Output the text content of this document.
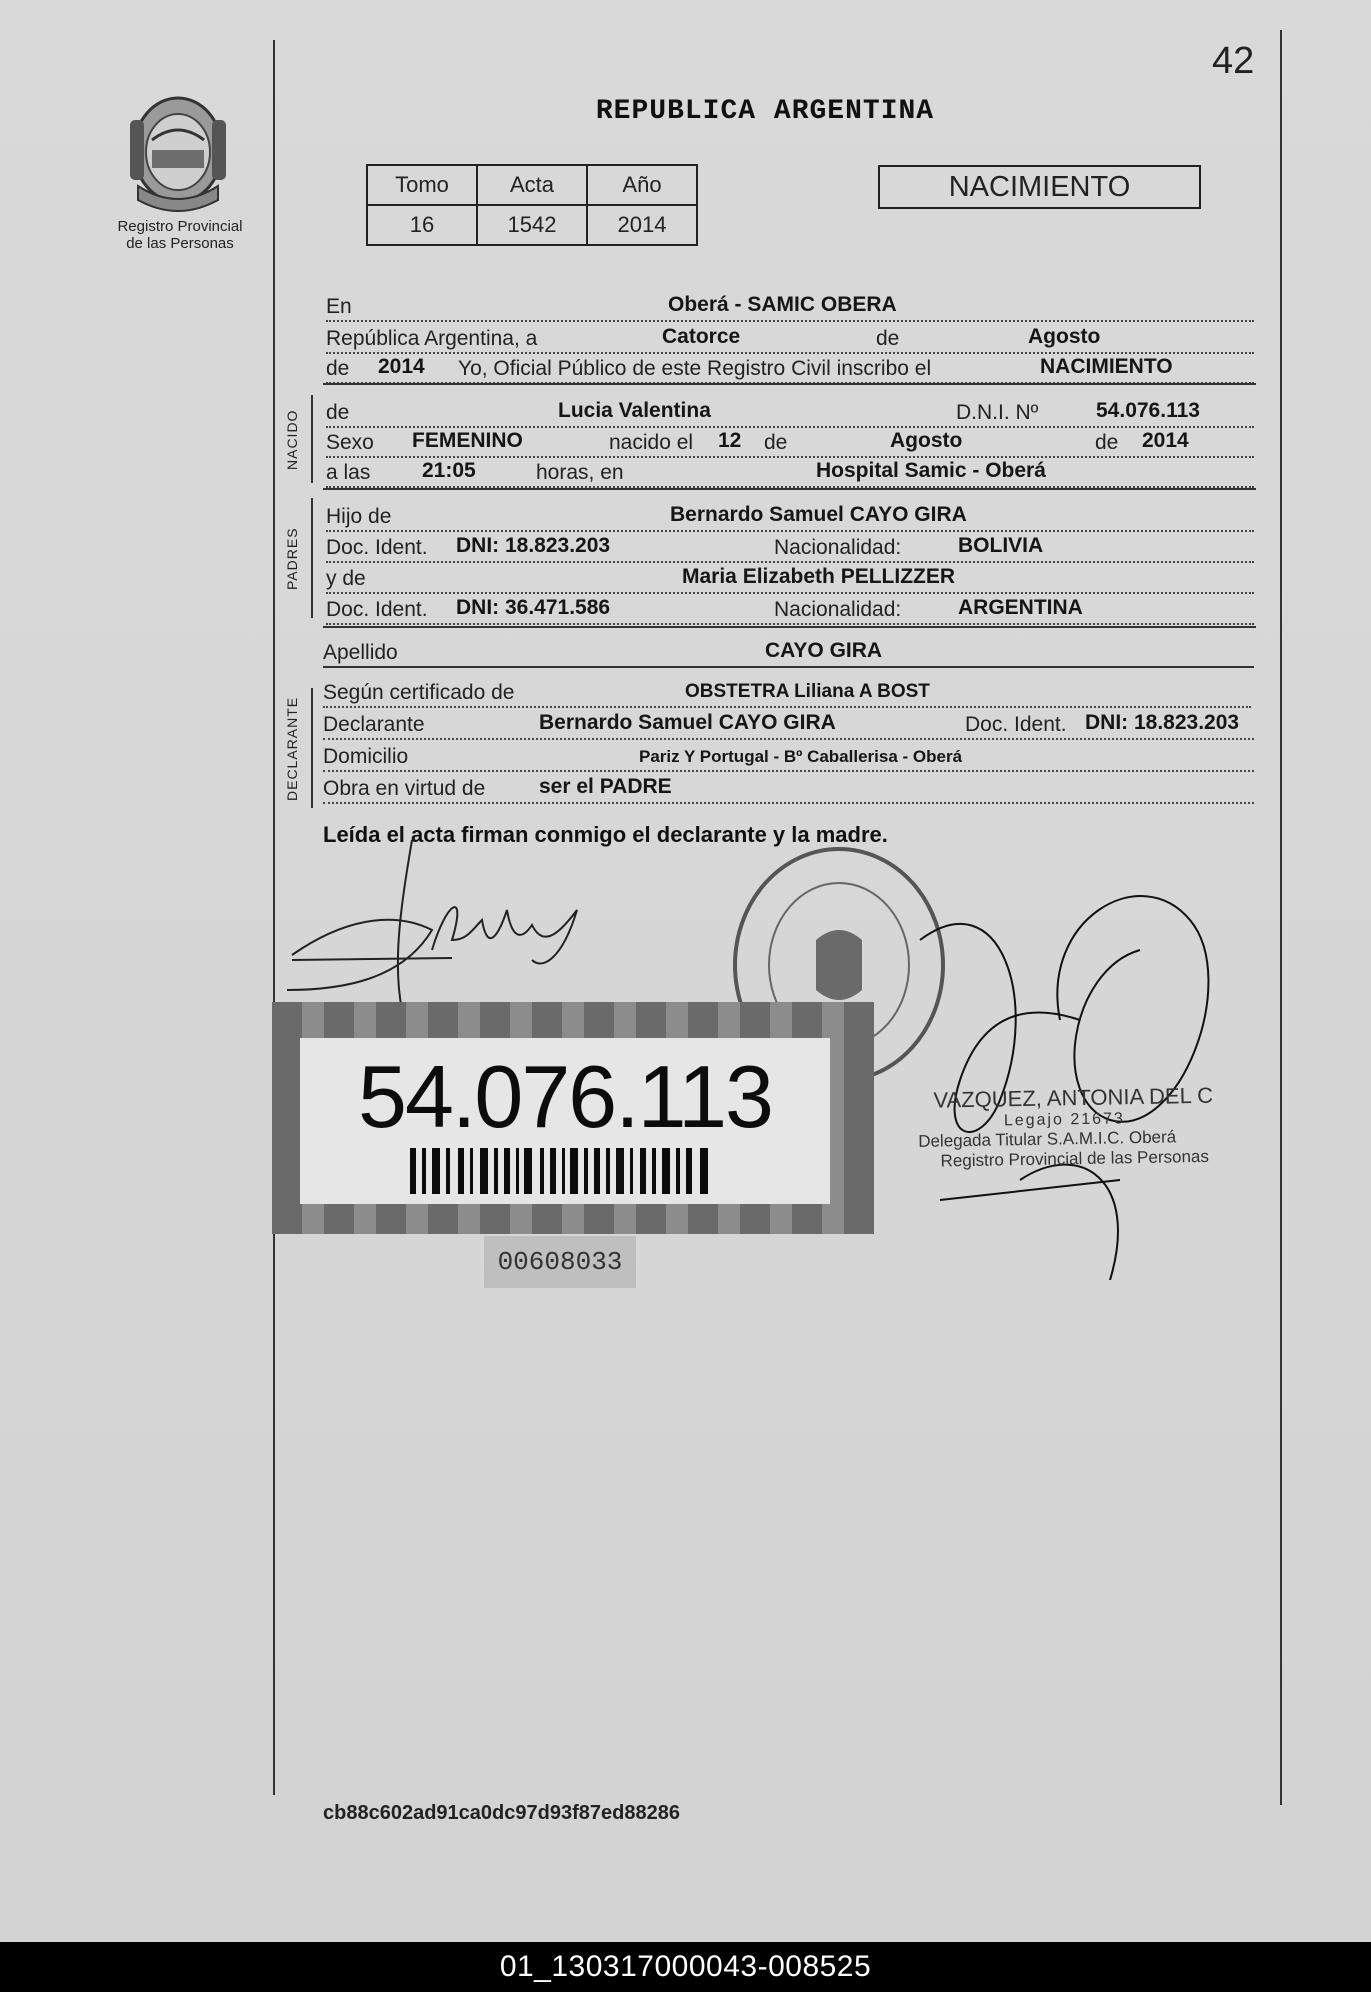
Registro Provincial
de las Personas
42
REPUBLICA ARGENTINA
Tomo	Acta	Año
16	1542	2014
NACIMIENTO
En	Oberá - SAMIC OBERA
República Argentina, a	Catorce	de	Agosto
de 2014 Yo, Oficial Público de este Registro Civil inscribo el	NACIMIENTO
NACIDO	de	Lucia Valentina	D.N.I. Nº	54.076.113
Sexo FEMENINO	nacido el 12 de	Agosto	de 2014
a las 21:05	horas, en	Hospital Samic - Oberá
PADRES
Hijo de	Bernardo Samuel CAYO GIRA
Doc. Ident. DNI: 18.823.203	Nacionalidad:	BOLIVIA
y de	Maria Elizabeth PELLIZZER
Doc. Ident. DNI: 36.471.586	Nacionalidad:	ARGENTINA
Apellido	CAYO GIRA
DECLARANTE
Según certificado de	OBSTETRA Liliana A BOST
Declarante	Bernardo Samuel CAYO GIRA	Doc. Ident. DNI: 18.823.203
Domicilio	Pariz Y Portugal - Bº Caballerisa - Oberá
Obra en virtud de	ser el PADRE
Leída el acta firman conmigo el declarante y la madre.
VAZQUEZ, ANTONIA DEL C
Legajo 21673
Delegada Titular S.A.M.I.C. Oberá
Registro Provincial de las Personas
54.076.113
00608033
cb88c602ad91ca0dc97d93f87ed88286
01_130317000043-008525
